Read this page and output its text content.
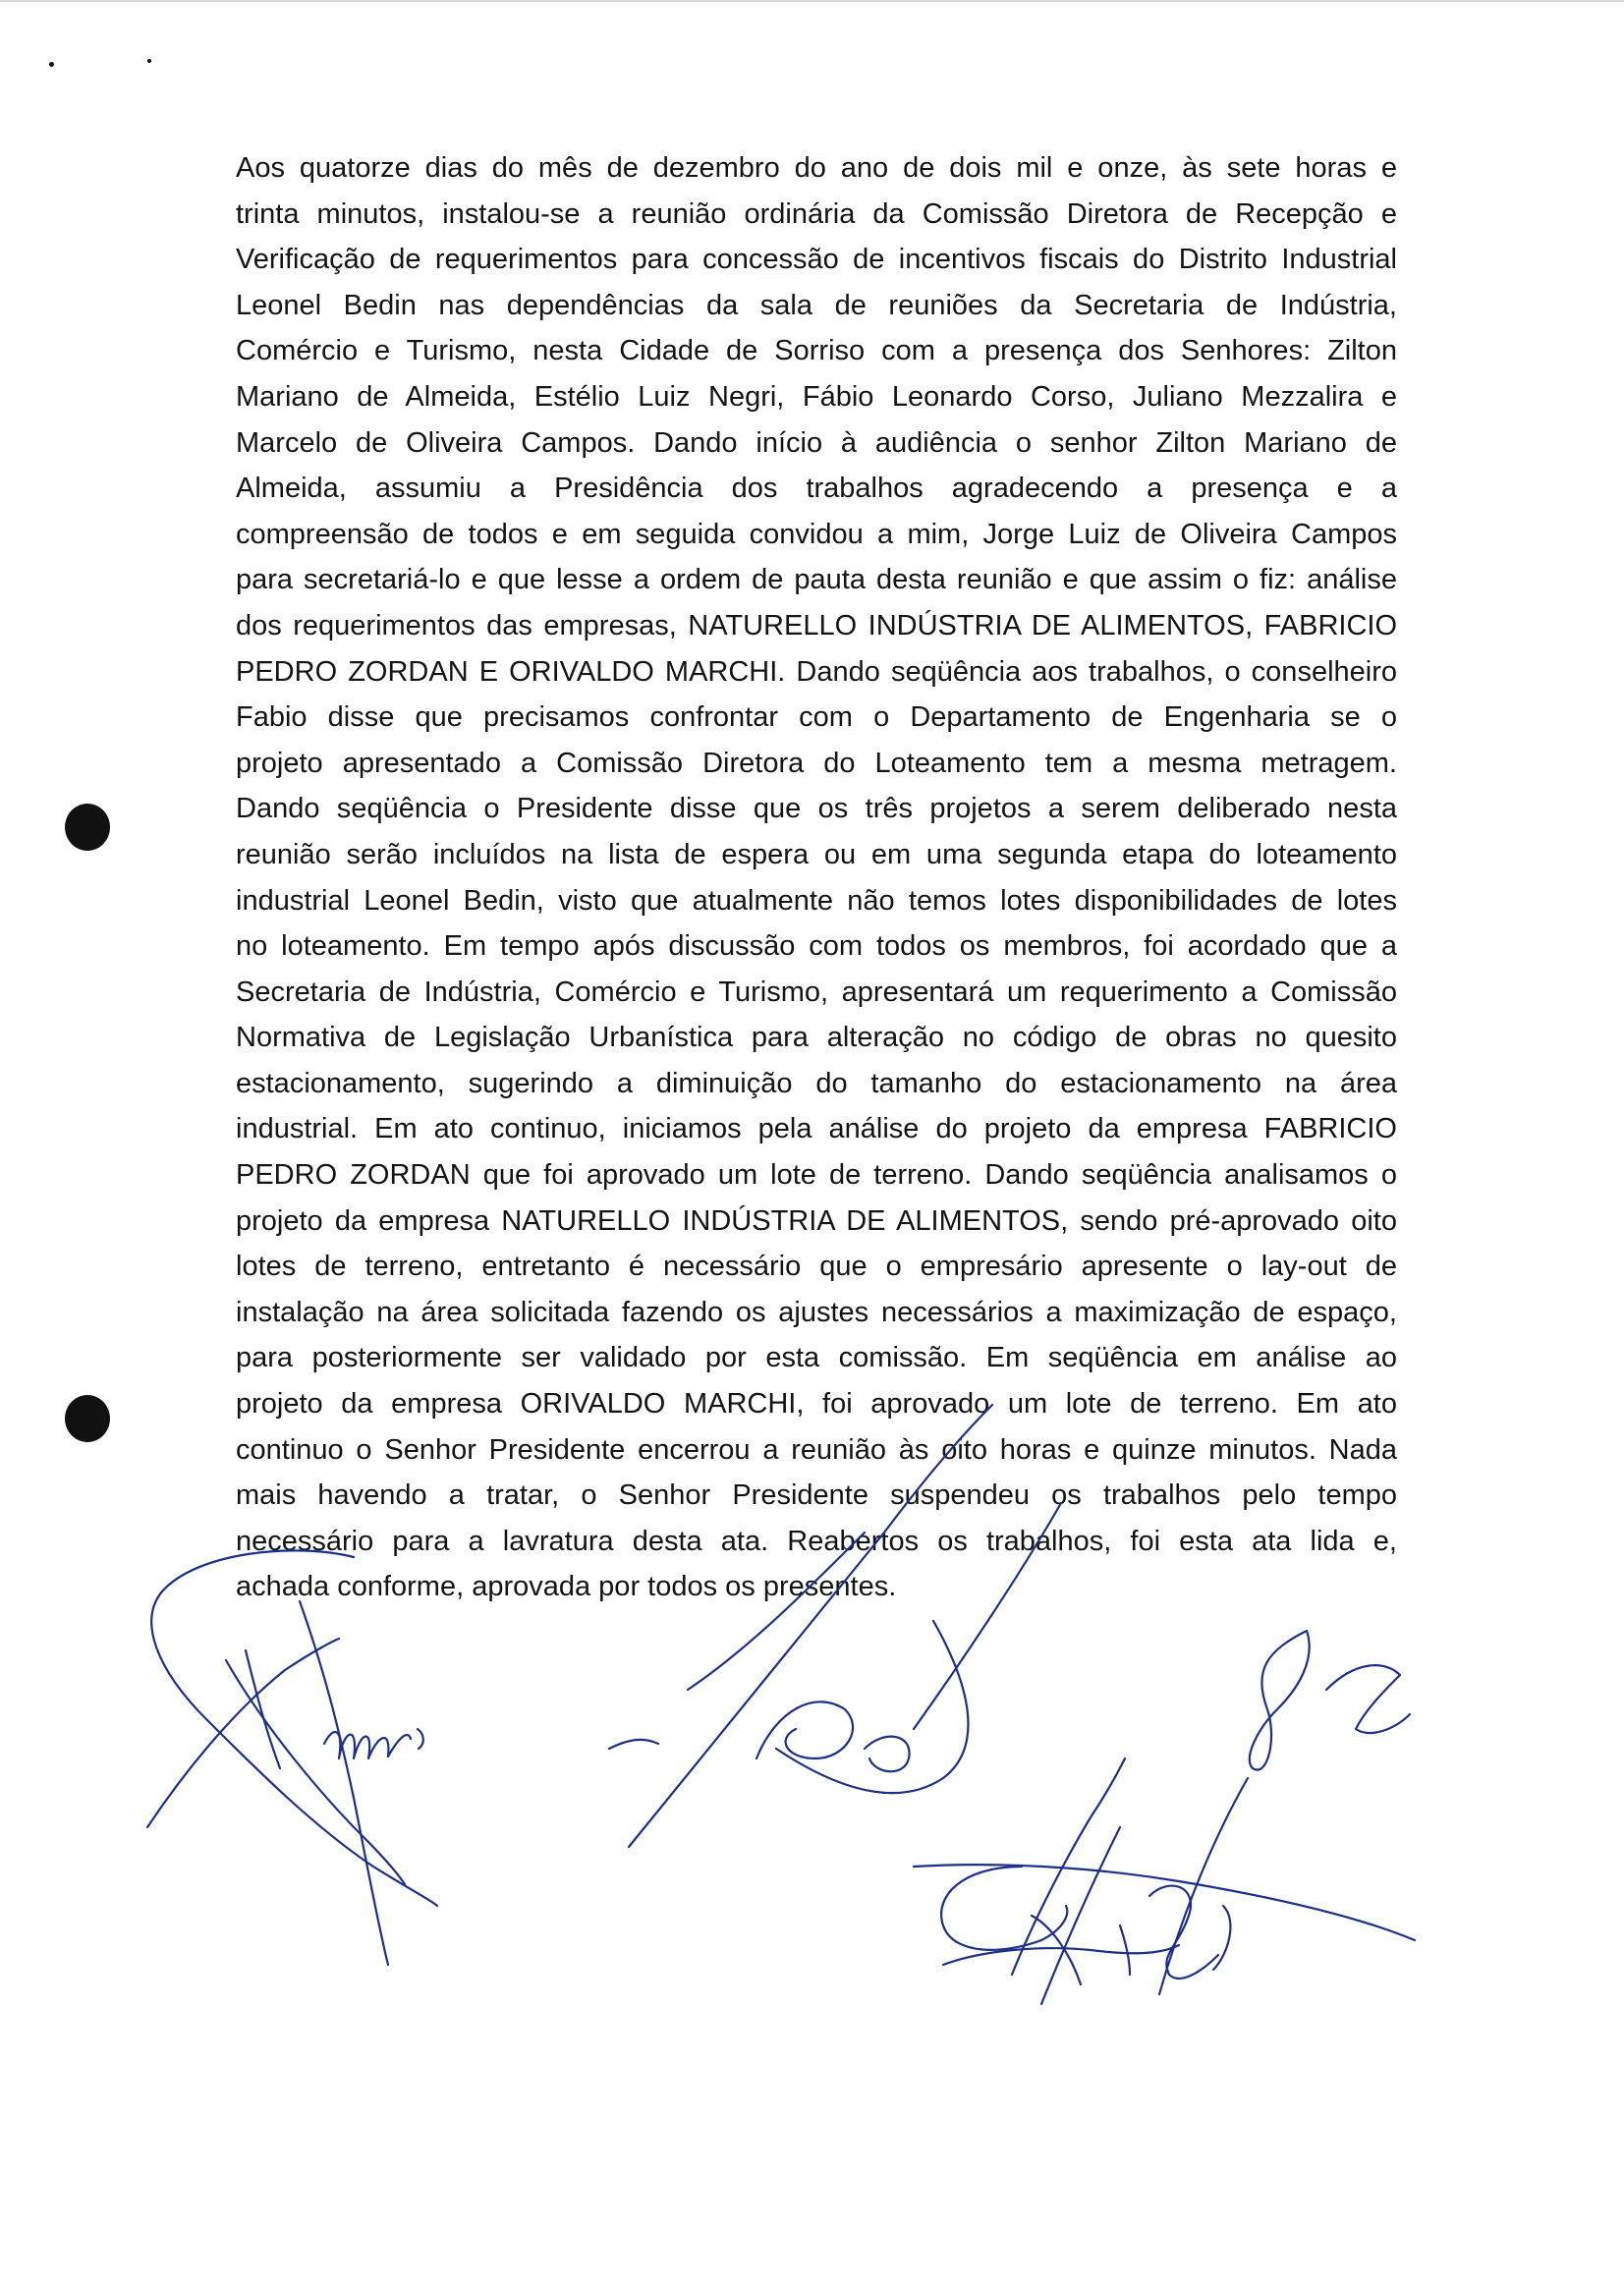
Aos quatorze dias do mês de dezembro do ano de dois mil e onze, às sete horas e
trinta minutos, instalou-se a reunião ordinária da Comissão Diretora de Recepção e
Verificação de requerimentos para concessão de incentivos fiscais do Distrito Industrial
Leonel Bedin nas dependências da sala de reuniões da Secretaria de Indústria,
Comércio e Turismo, nesta Cidade de Sorriso com a presença dos Senhores: Zilton
Mariano de Almeida, Estélio Luiz Negri, Fábio Leonardo Corso, Juliano Mezzalira e
Marcelo de Oliveira Campos. Dando início à audiência o senhor Zilton Mariano de
Almeida, assumiu a Presidência dos trabalhos agradecendo a presença e a
compreensão de todos e em seguida convidou a mim, Jorge Luiz de Oliveira Campos
para secretariá-lo e que lesse a ordem de pauta desta reunião e que assim o fiz: análise
dos requerimentos das empresas, NATURELLO INDÚSTRIA DE ALIMENTOS, FABRICIO
PEDRO ZORDAN E ORIVALDO MARCHI. Dando seqüência aos trabalhos, o conselheiro
Fabio disse que precisamos confrontar com o Departamento de Engenharia se o
projeto apresentado a Comissão Diretora do Loteamento tem a mesma metragem.
Dando seqüência o Presidente disse que os três projetos a serem deliberado nesta
reunião serão incluídos na lista de espera ou em uma segunda etapa do loteamento
industrial Leonel Bedin, visto que atualmente não temos lotes disponibilidades de lotes
no loteamento. Em tempo após discussão com todos os membros, foi acordado que a
Secretaria de Indústria, Comércio e Turismo, apresentará um requerimento a Comissão
Normativa de Legislação Urbanística para alteração no código de obras no quesito
estacionamento, sugerindo a diminuição do tamanho do estacionamento na área
industrial. Em ato continuo, iniciamos pela análise do projeto da empresa FABRICIO
PEDRO ZORDAN que foi aprovado um lote de terreno. Dando seqüência analisamos o
projeto da empresa NATURELLO INDÚSTRIA DE ALIMENTOS, sendo pré-aprovado oito
lotes de terreno, entretanto é necessário que o empresário apresente o lay-out de
instalação na área solicitada fazendo os ajustes necessários a maximização de espaço,
para posteriormente ser validado por esta comissão. Em seqüência em análise ao
projeto da empresa ORIVALDO MARCHI, foi aprovado um lote de terreno. Em ato
continuo o Senhor Presidente encerrou a reunião às oito horas e quinze minutos. Nada
mais havendo a tratar, o Senhor Presidente suspendeu os trabalhos pelo tempo
necessário para a lavratura desta ata. Reabertos os trabalhos, foi esta ata lida e,
achada conforme, aprovada por todos os presentes.
